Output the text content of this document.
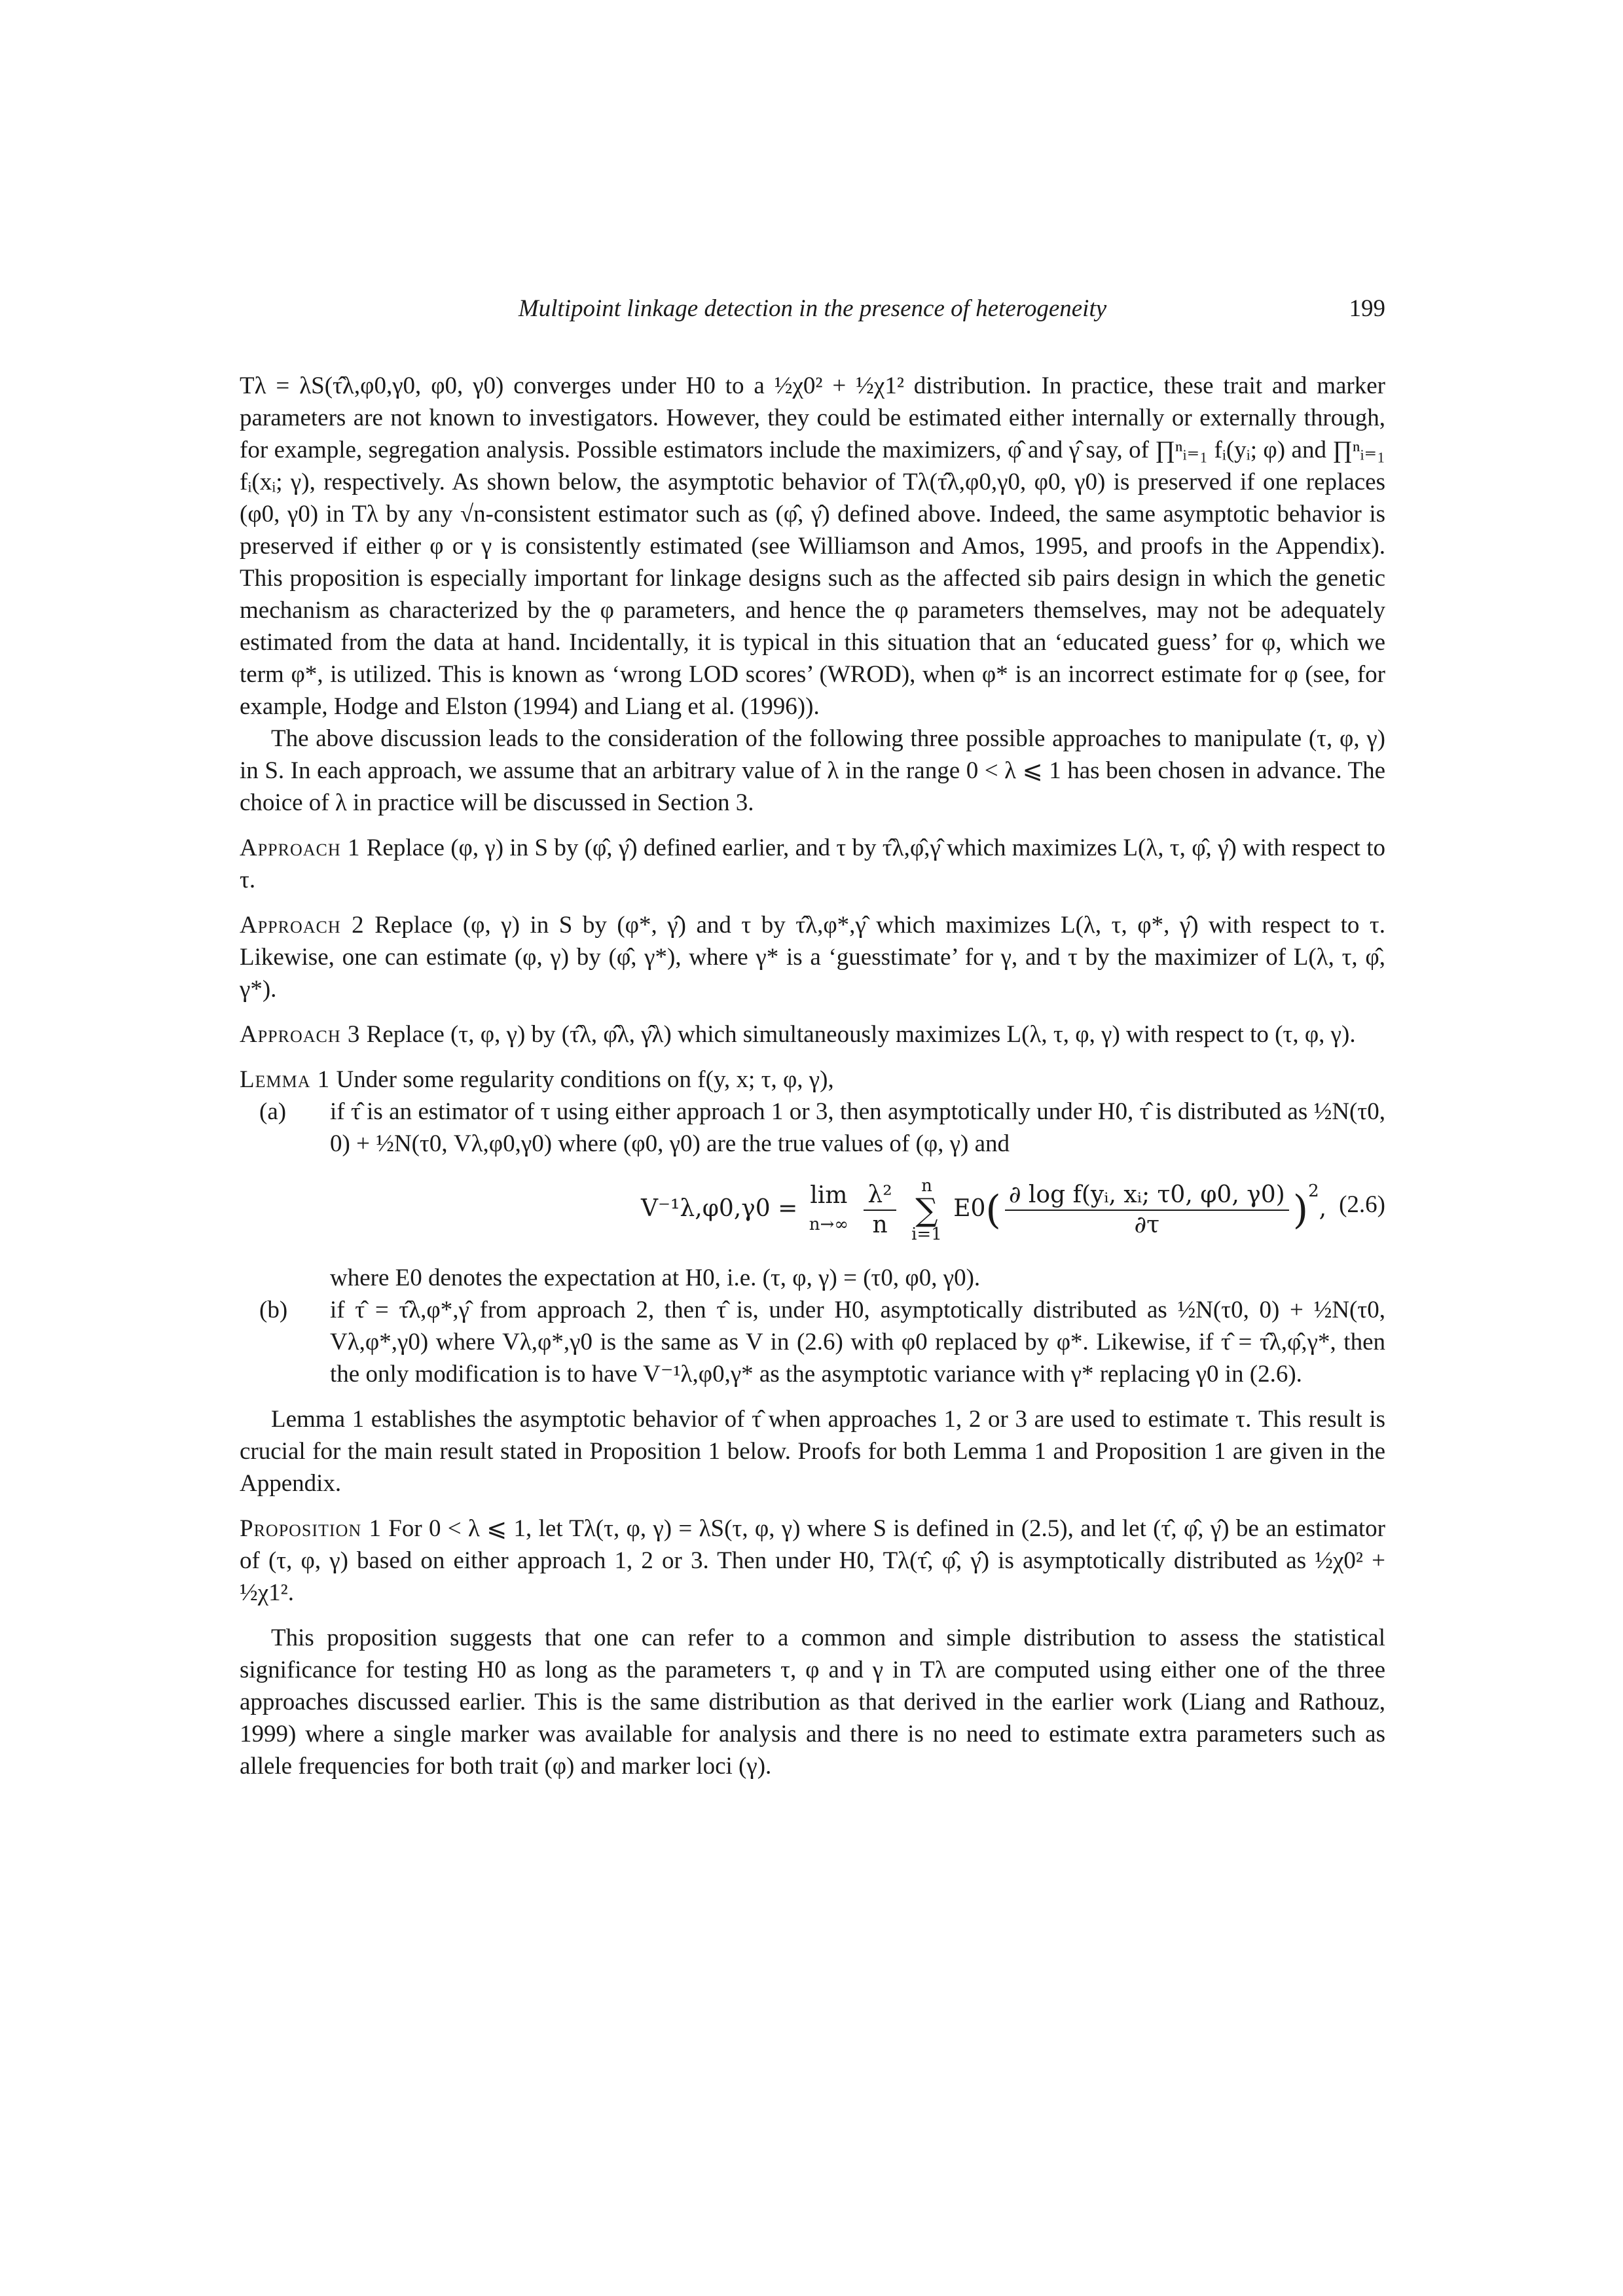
Multipoint linkage detection in the presence of heterogeneity	199

Tλ = λS(τ̂λ,φ0,γ0, φ0, γ0) converges under H0 to a ½χ0² + ½χ1² distribution. In practice, these trait and marker parameters are not known to investigators. However, they could be estimated either internally or externally through, for example, segregation analysis. Possible estimators include the maximizers, φ̂ and γ̂ say, of ∏ⁿᵢ₌₁ fᵢ(yᵢ; φ) and ∏ⁿᵢ₌₁ fᵢ(xᵢ; γ), respectively. As shown below, the asymptotic behavior of Tλ(τ̂λ,φ0,γ0, φ0, γ0) is preserved if one replaces (φ0, γ0) in Tλ by any √n-consistent estimator such as (φ̂, γ̂) defined above. Indeed, the same asymptotic behavior is preserved if either φ or γ is consistently estimated (see Williamson and Amos, 1995, and proofs in the Appendix). This proposition is especially important for linkage designs such as the affected sib pairs design in which the genetic mechanism as characterized by the φ parameters, and hence the φ parameters themselves, may not be adequately estimated from the data at hand. Incidentally, it is typical in this situation that an ‘educated guess’ for φ, which we term φ*, is utilized. This is known as ‘wrong LOD scores’ (WROD), when φ* is an incorrect estimate for φ (see, for example, Hodge and Elston (1994) and Liang et al. (1996)).

The above discussion leads to the consideration of the following three possible approaches to manipulate (τ, φ, γ) in S. In each approach, we assume that an arbitrary value of λ in the range 0 < λ ⩽ 1 has been chosen in advance. The choice of λ in practice will be discussed in Section 3.

Approach 1 Replace (φ, γ) in S by (φ̂, γ̂) defined earlier, and τ by τ̂λ,φ̂,γ̂ which maximizes L(λ, τ, φ̂, γ̂) with respect to τ.
Approach 2 Replace (φ, γ) in S by (φ*, γ̂) and τ by τ̂λ,φ*,γ̂ which maximizes L(λ, τ, φ*, γ̂) with respect to τ. Likewise, one can estimate (φ, γ) by (φ̂, γ*), where γ* is a ‘guesstimate’ for γ, and τ by the maximizer of L(λ, τ, φ̂, γ*).
Approach 3 Replace (τ, φ, γ) by (τ̂λ, φ̂λ, γ̂λ) which simultaneously maximizes L(λ, τ, φ, γ) with respect to (τ, φ, γ).
Lemma 1 Under some regularity conditions on f(y, x; τ, φ, γ),
(a) if τ̂ is an estimator of τ using either approach 1 or 3, then asymptotically under H0, τ̂ is distributed as ½N(τ0, 0) + ½N(τ0, Vλ,φ0,γ0) where (φ0, γ0) are the true values of (φ, γ) and
V⁻¹λ,φ0,γ0 = lim
n→∞
$\frac{\text{λ²}}{n}$
	n
∑
i=1
$E0( \frac{\text{∂ log f(yᵢ, xᵢ; τ0, φ0, γ0)}}{\partial\tau} )^2$, (2.6)
where E0 denotes the expectation at H0, i.e. (τ, φ, γ) = (τ0, φ0, γ0).
(b) if τ̂ = τ̂λ,φ*,γ̂ from approach 2, then τ̂ is, under H0, asymptotically distributed as ½N(τ0, 0) + ½N(τ0, Vλ,φ*,γ0) where Vλ,φ*,γ0 is the same as V in (2.6) with φ0 replaced by φ*. Likewise, if τ̂ = τ̂λ,φ̂,γ*, then the only modification is to have V⁻¹λ,φ0,γ* as the asymptotic variance with γ* replacing γ0 in (2.6).

Lemma 1 establishes the asymptotic behavior of τ̂ when approaches 1, 2 or 3 are used to estimate τ. This result is crucial for the main result stated in Proposition 1 below. Proofs for both Lemma 1 and Proposition 1 are given in the Appendix.

Proposition 1 For 0 < λ ⩽ 1, let Tλ(τ, φ, γ) = λS(τ, φ, γ) where S is defined in (2.5), and let (τ̂, φ̂, γ̂) be an estimator of (τ, φ, γ) based on either approach 1, 2 or 3. Then under H0, Tλ(τ̂, φ̂, γ̂) is asymptotically distributed as ½χ0² + ½χ1².

This proposition suggests that one can refer to a common and simple distribution to assess the statistical significance for testing H0 as long as the parameters τ, φ and γ in Tλ are computed using either one of the three approaches discussed earlier. This is the same distribution as that derived in the earlier work (Liang and Rathouz, 1999) where a single marker was available for analysis and there is no need to estimate extra parameters such as allele frequencies for both trait (φ) and marker loci (γ).
